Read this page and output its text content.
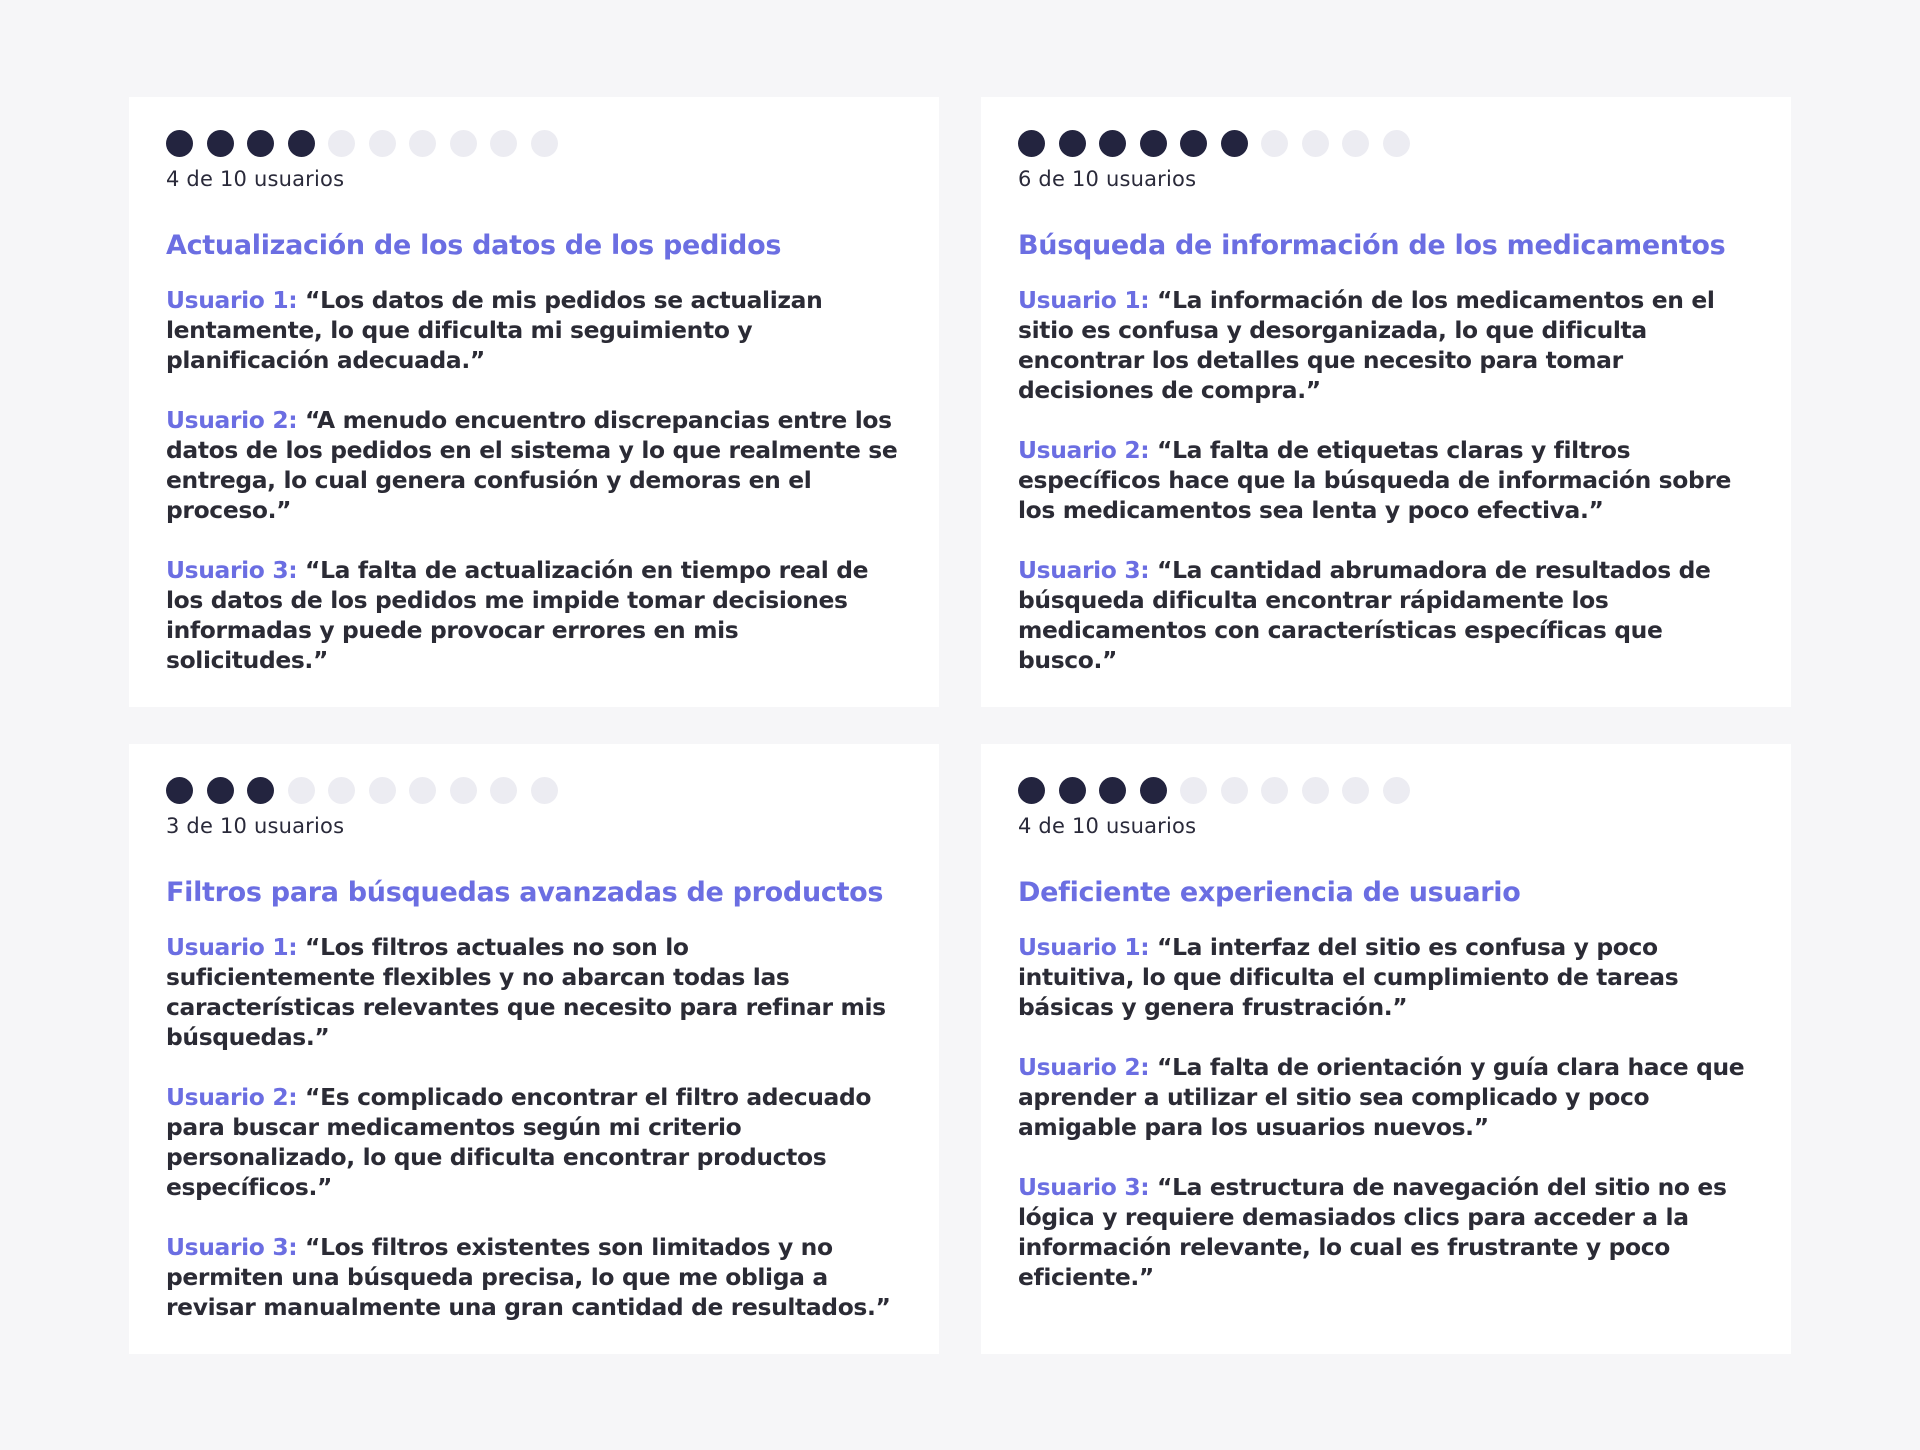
4 de 10 usuarios
Actualización de los datos de los pedidos

Usuario 1: “Los datos de mis pedidos se actualizan lentamente, lo que dificulta mi seguimiento y planificación adecuada.”

Usuario 2: “A menudo encuentro discrepancias entre los datos de los pedidos en el sistema y lo que realmente se entrega, lo cual genera confusión y demoras en el proceso.”

Usuario 3: “La falta de actualización en tiempo real de los datos de los pedidos me impide tomar decisiones informadas y puede provocar errores en mis solicitudes.”

6 de 10 usuarios
Búsqueda de información de los medicamentos

Usuario 1: “La información de los medicamentos en el sitio es confusa y desorganizada, lo que dificulta encontrar los detalles que necesito para tomar decisiones de compra.”

Usuario 2: “La falta de etiquetas claras y filtros específicos hace que la búsqueda de información sobre los medicamentos sea lenta y poco efectiva.”

Usuario 3: “La cantidad abrumadora de resultados de búsqueda dificulta encontrar rápidamente los medicamentos con características específicas que busco.”

3 de 10 usuarios
Filtros para búsquedas avanzadas de productos

Usuario 1: “Los filtros actuales no son lo suficientemente flexibles y no abarcan todas las características relevantes que necesito para refinar mis búsquedas.”

Usuario 2: “Es complicado encontrar el filtro adecuado para buscar medicamentos según mi criterio personalizado, lo que dificulta encontrar productos específicos.”

Usuario 3: “Los filtros existentes son limitados y no permiten una búsqueda precisa, lo que me obliga a revisar manualmente una gran cantidad de resultados.”

4 de 10 usuarios
Deficiente experiencia de usuario

Usuario 1: “La interfaz del sitio es confusa y poco intuitiva, lo que dificulta el cumplimiento de tareas básicas y genera frustración.”

Usuario 2: “La falta de orientación y guía clara hace que aprender a utilizar el sitio sea complicado y poco amigable para los usuarios nuevos.”

Usuario 3: “La estructura de navegación del sitio no es lógica y requiere demasiados clics para acceder a la información relevante, lo cual es frustrante y poco eficiente.”
